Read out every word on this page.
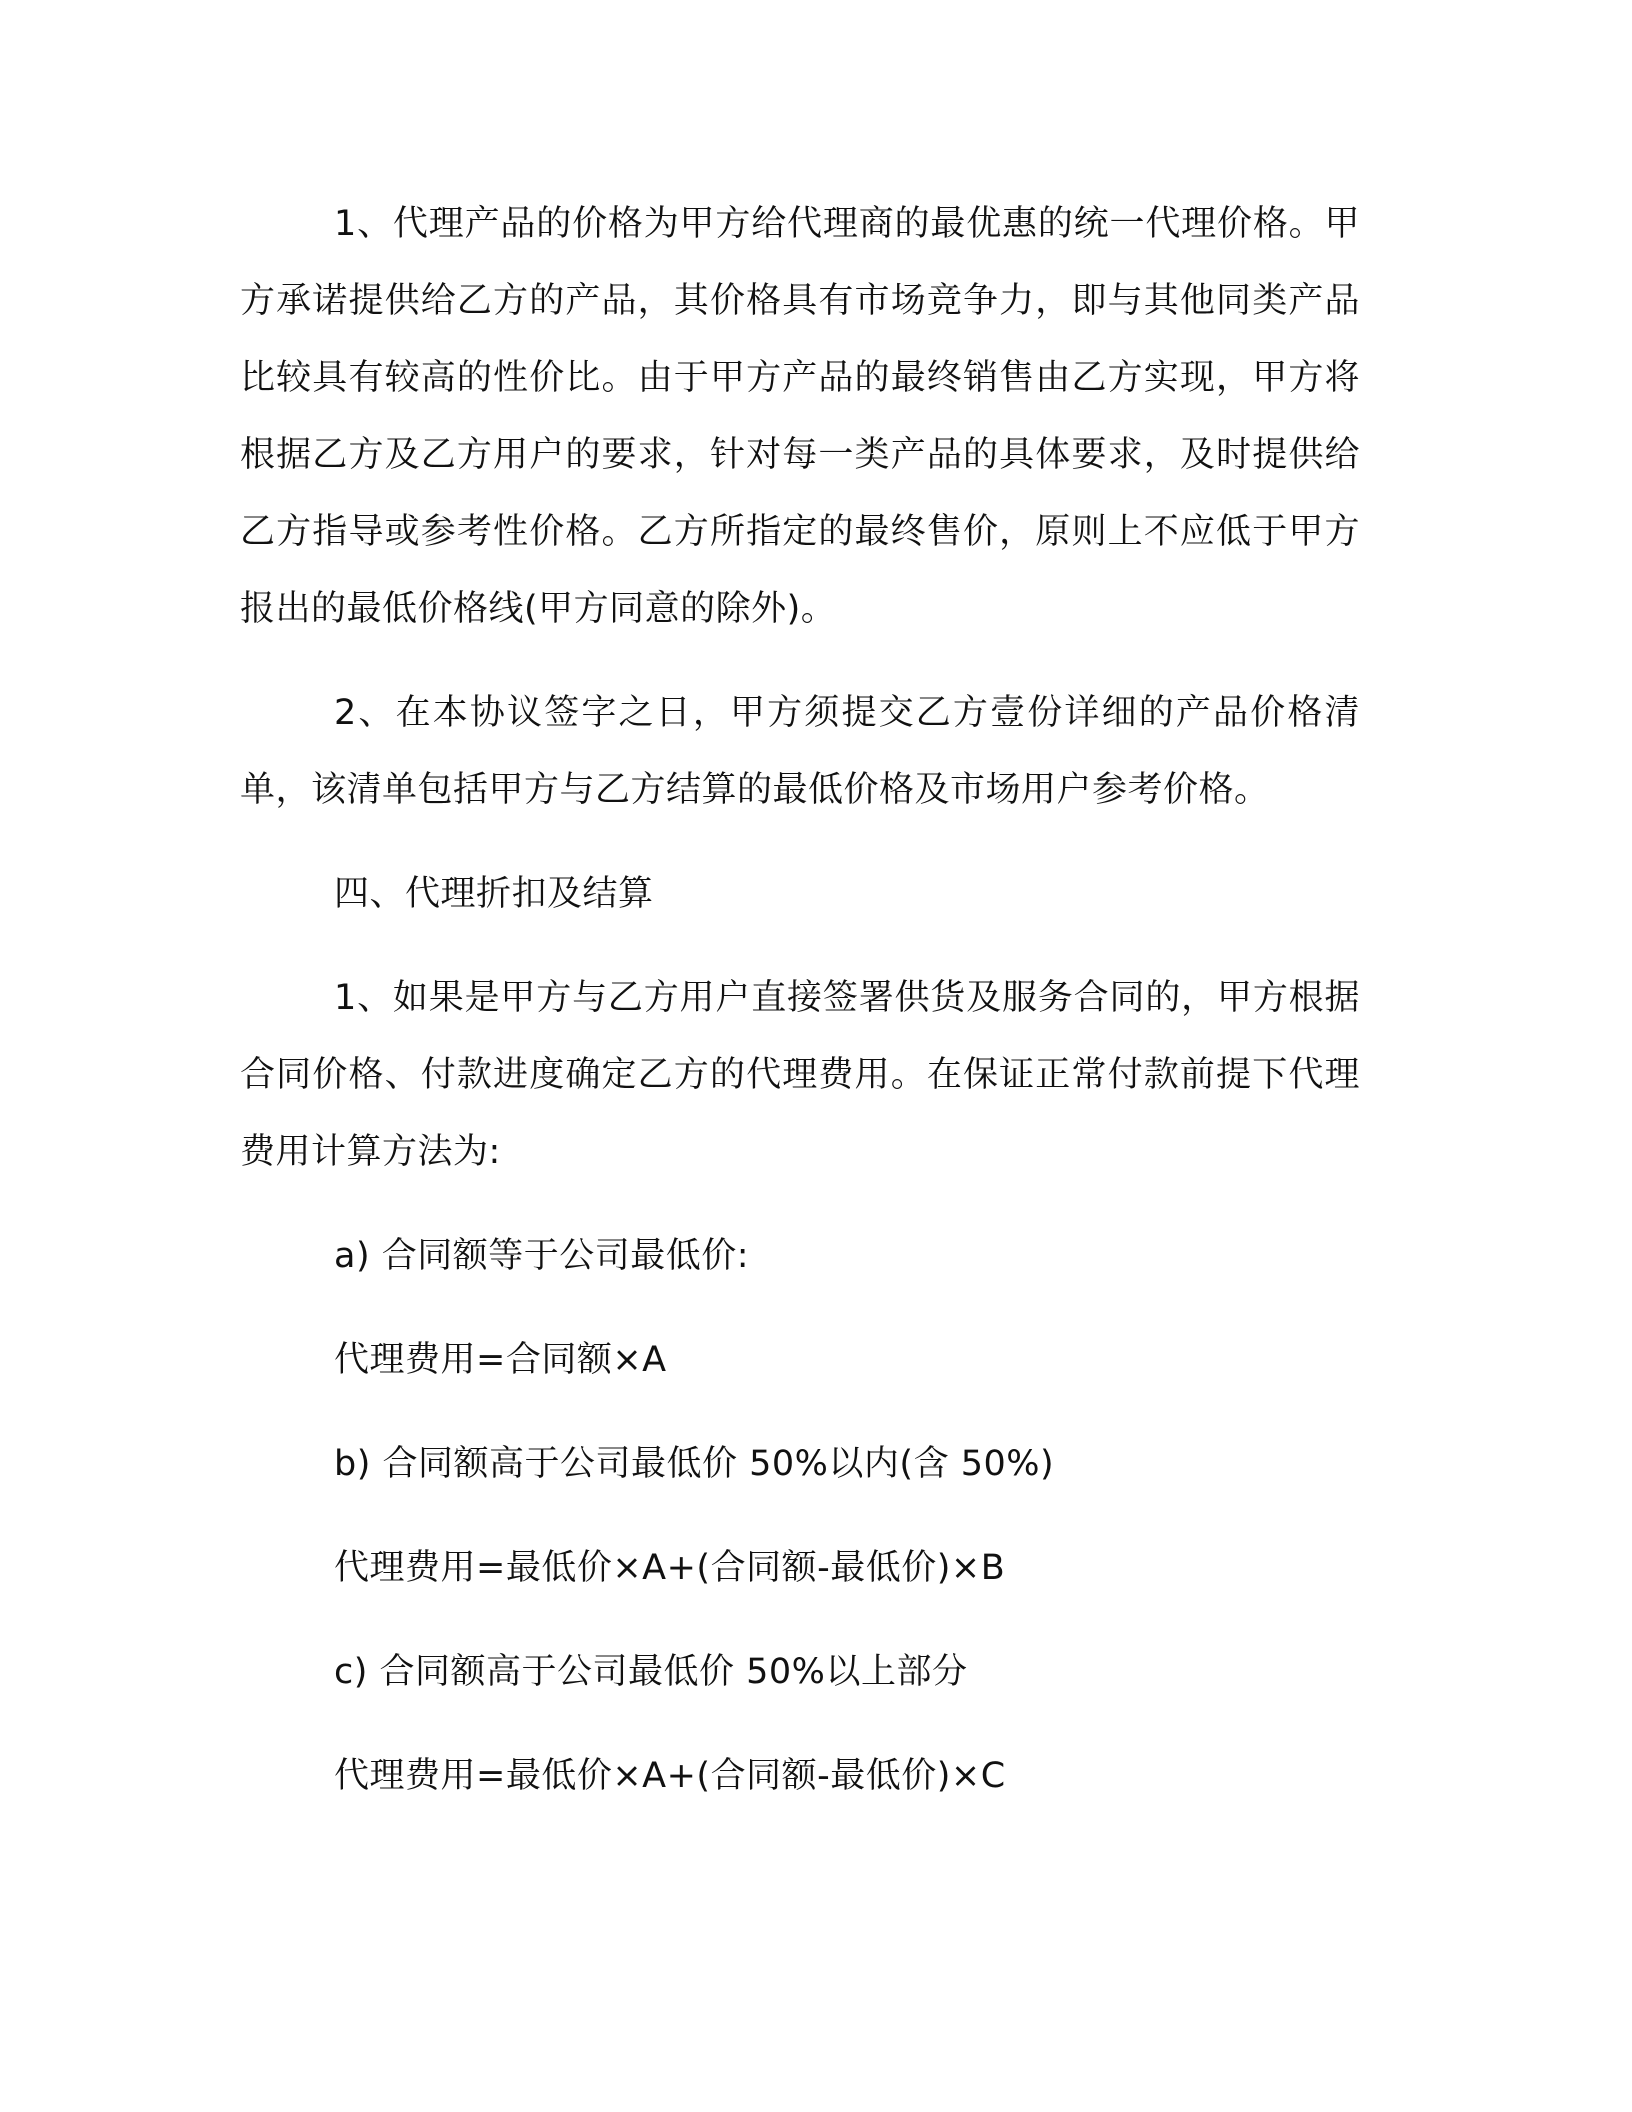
1、代理产品的价格为甲方给代理商的最优惠的统一代理价格。甲方承诺提供给乙方的产品，其价格具有市场竞争力，即与其他同类产品比较具有较高的性价比。由于甲方产品的最终销售由乙方实现，甲方将根据乙方及乙方用户的要求，针对每一类产品的具体要求，及时提供给乙方指导或参考性价格。乙方所指定的最终售价，原则上不应低于甲方报出的最低价格线(甲方同意的除外)。

2、在本协议签字之日，甲方须提交乙方壹份详细的产品价格清单，该清单包括甲方与乙方结算的最低价格及市场用户参考价格。

四、代理折扣及结算

1、如果是甲方与乙方用户直接签署供货及服务合同的，甲方根据合同价格、付款进度确定乙方的代理费用。在保证正常付款前提下代理费用计算方法为:

a) 合同额等于公司最低价:

代理费用=合同额×A

b) 合同额高于公司最低价 50%以内(含 50%)

代理费用=最低价×A+(合同额-最低价)×B

c) 合同额高于公司最低价 50%以上部分

代理费用=最低价×A+(合同额-最低价)×C
